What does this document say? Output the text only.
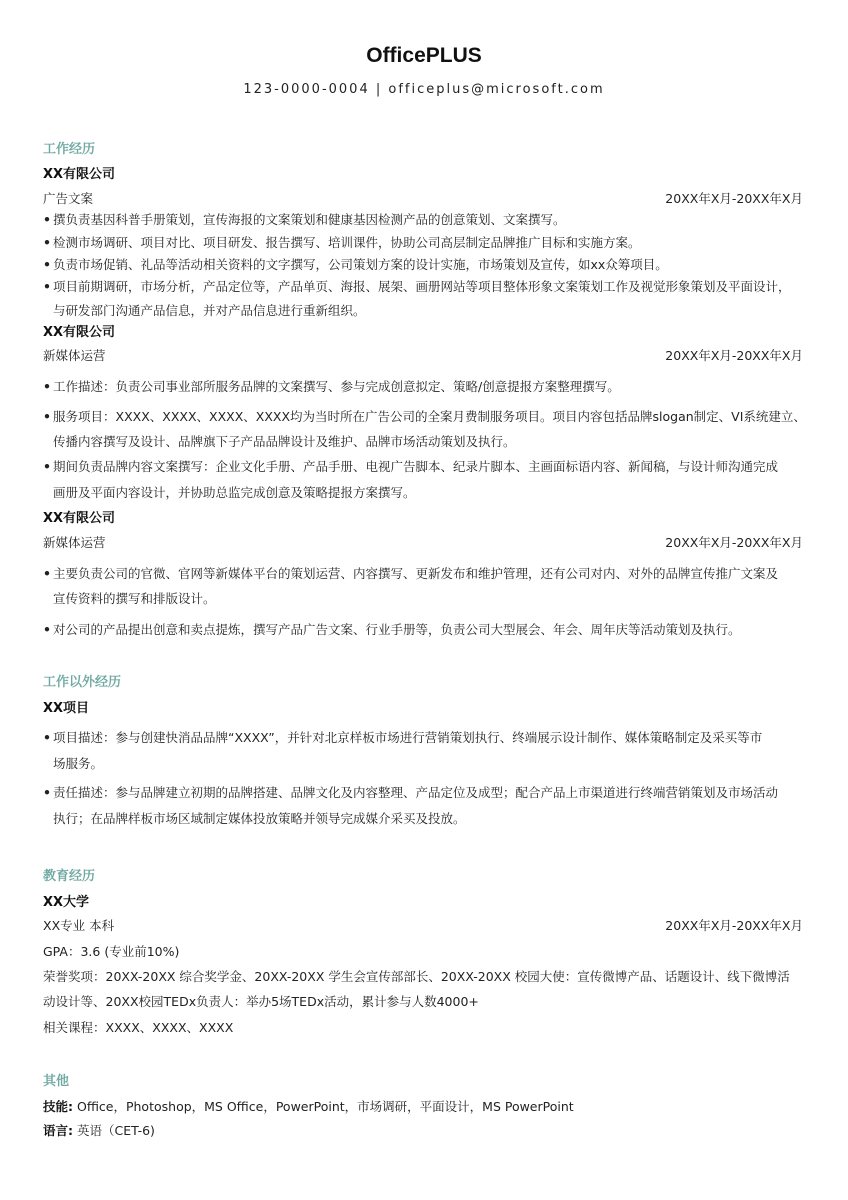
OfficePLUS
123-0000-0004 | officeplus@microsoft.com
工作经历
XX有限公司
广告文案	20XX年X月-20XX年X月
• 撰负责基因科普手册策划，宣传海报的文案策划和健康基因检测产品的创意策划、文案撰写。
• 检测市场调研、项目对比、项目研发、报告撰写、培训课件，协助公司高层制定品牌推广目标和实施方案。
• 负责市场促销、礼品等活动相关资料的文字撰写，公司策划方案的设计实施，市场策划及宣传，如xx众筹项目。
• 项目前期调研，市场分析，产品定位等，产品单页、海报、展架、画册网站等项目整体形象文案策划工作及视觉形象策划及平面设计，
与研发部门沟通产品信息，并对产品信息进行重新组织。
XX有限公司
新媒体运营	20XX年X月-20XX年X月
• 工作描述：负责公司事业部所服务品牌的文案撰写、参与完成创意拟定、策略/创意提报方案整理撰写。
• 服务项目：XXXX、XXXX、XXXX、XXXX均为当时所在广告公司的全案月费制服务项目。项目内容包括品牌slogan制定、VI系统建立、
传播内容撰写及设计、品牌旗下子产品品牌设计及维护、品牌市场活动策划及执行。
• 期间负责品牌内容文案撰写：企业文化手册、产品手册、电视广告脚本、纪录片脚本、主画面标语内容、新闻稿，与设计师沟通完成
画册及平面内容设计，并协助总监完成创意及策略提报方案撰写。
XX有限公司
新媒体运营	20XX年X月-20XX年X月
• 主要负责公司的官微、官网等新媒体平台的策划运营、内容撰写、更新发布和维护管理，还有公司对内、对外的品牌宣传推广文案及
宣传资料的撰写和排版设计。
• 对公司的产品提出创意和卖点提炼，撰写产品广告文案、行业手册等，负责公司大型展会、年会、周年庆等活动策划及执行。
工作以外经历
XX项目
• 项目描述：参与创建快消品品牌“XXXX”，并针对北京样板市场进行营销策划执行、终端展示设计制作、媒体策略制定及采买等市
场服务。
• 责任描述：参与品牌建立初期的品牌搭建、品牌文化及内容整理、产品定位及成型；配合产品上市渠道进行终端营销策划及市场活动
执行；在品牌样板市场区域制定媒体投放策略并领导完成媒介采买及投放。
教育经历
XX大学
XX专业 本科	20XX年X月-20XX年X月
GPA：3.6 (专业前10%)
荣誉奖项：20XX-20XX 综合奖学金、20XX-20XX 学生会宣传部部长、20XX-20XX 校园大使：宣传微博产品、话题设计、线下微博活
动设计等、20XX校园TEDx负责人：举办5场TEDx活动，累计参与人数4000+
相关课程：XXXX、XXXX、XXXX
其他
技能: Office，Photoshop，MS Office，PowerPoint，市场调研，平面设计，MS PowerPoint
语言: 英语（CET-6)
